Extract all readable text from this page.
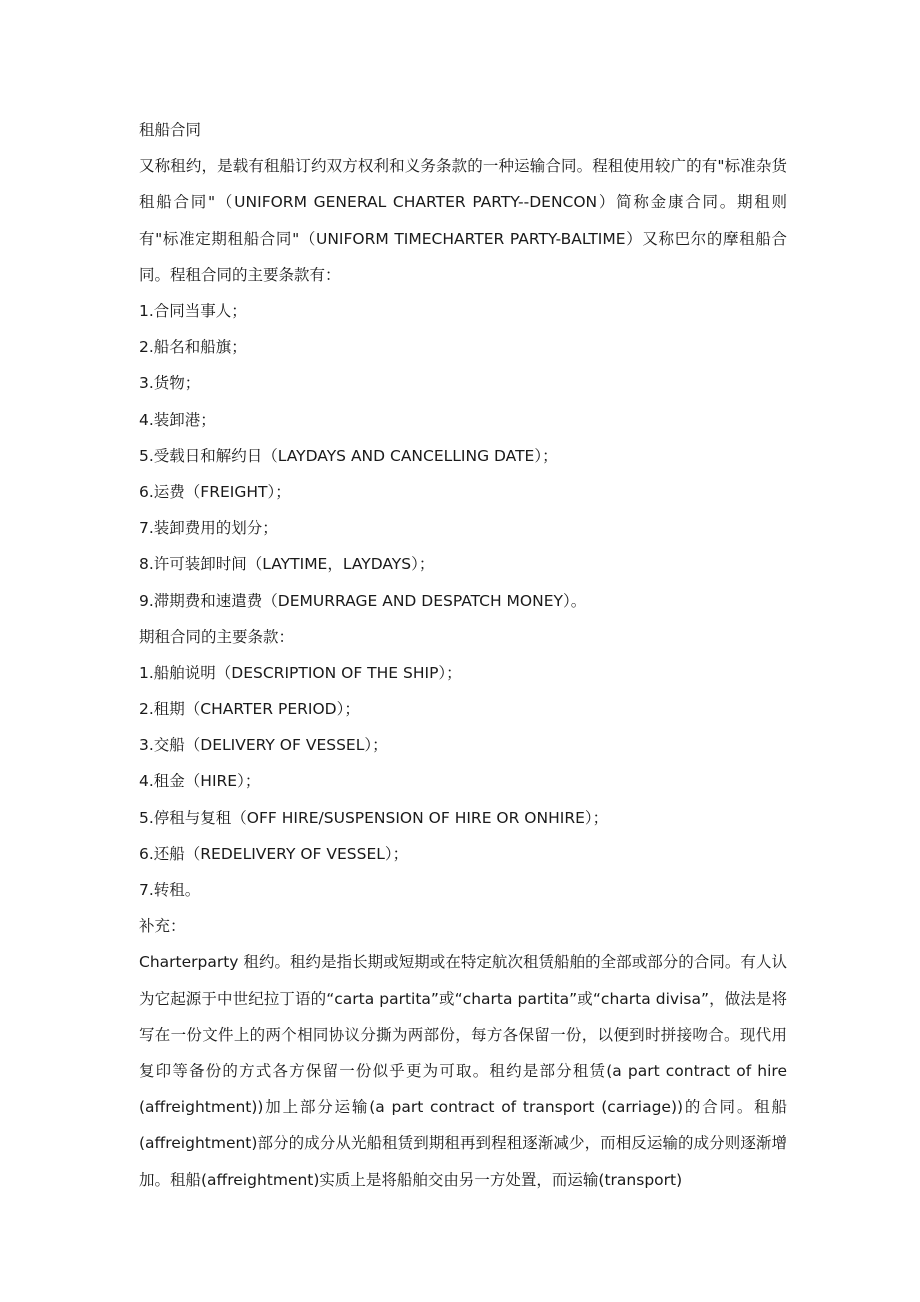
租船合同

又称租约，是载有租船订约双方权利和义务条款的一种运输合同。程租使用较广的有"标准杂货租船合同"（UNIFORM GENERAL CHARTER PARTY--DENCON）简称金康合同。期租则有"标准定期租船合同"（UNIFORM TIMECHARTER PARTY-BALTIME）又称巴尔的摩租船合同。程租合同的主要条款有：

1.合同当事人；
2.船名和船旗；
3.货物；
4.装卸港；
5.受载日和解约日（LAYDAYS AND CANCELLING DATE）；
6.运费（FREIGHT）；
7.装卸费用的划分；
8.许可装卸时间（LAYTIME，LAYDAYS）；
9.滞期费和速遣费（DEMURRAGE AND DESPATCH MONEY）。
期租合同的主要条款：
1.船舶说明（DESCRIPTION OF THE SHIP）；
2.租期（CHARTER PERIOD）；
3.交船（DELIVERY OF VESSEL）；
4.租金（HIRE）；
5.停租与复租（OFF HIRE/SUSPENSION OF HIRE OR ONHIRE）；
6.还船（REDELIVERY OF VESSEL）；
7.转租。
补充：

Charterparty 租约。租约是指长期或短期或在特定航次租赁船舶的全部或部分的合同。有人认为它起源于中世纪拉丁语的“carta partita”或“charta partita”或“charta divisa”，做法是将写在一份文件上的两个相同协议分撕为两部份，每方各保留一份，以便到时拼接吻合。现代用复印等备份的方式各方保留一份似乎更为可取。租约是部分租赁(a part contract of hire (affreightment))加上部分运输(a part contract of transport (carriage))的合同。租船(affreightment)部分的成分从光船租赁到期租再到程租逐渐减少，而相反运输的成分则逐渐增加。租船(affreightment)实质上是将船舶交由另一方处置，而运输(transport)
